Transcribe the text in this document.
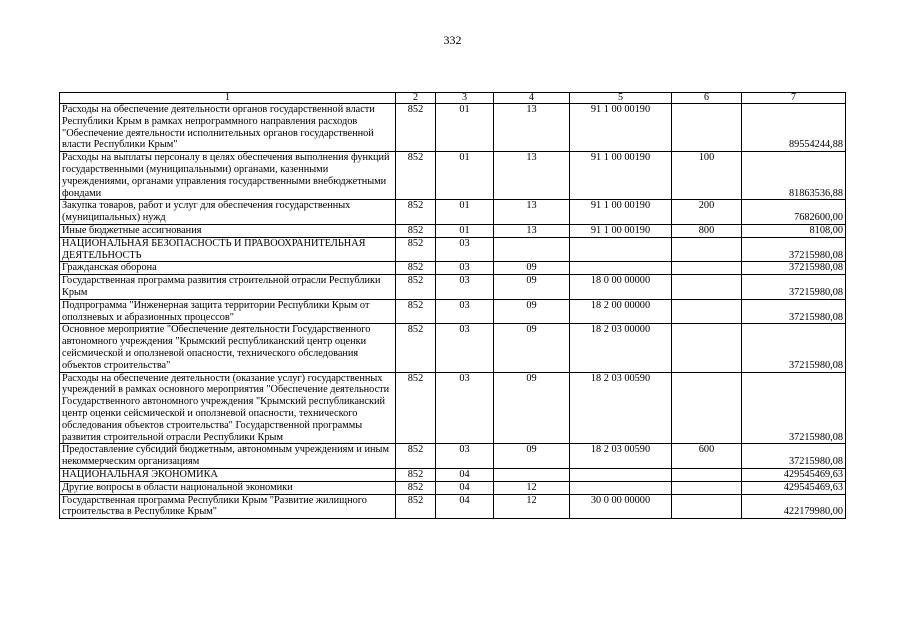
332
1	2	3	4	5	6	7
Расходы на обеспечение деятельности органов государственной власти Республики Крым в рамках непрограммного направления расходов "Обеспечение деятельности исполнительных органов государственной власти Республики Крым"	852	01	13	91 1 00 00190		89554244,88
Расходы на выплаты персоналу в целях обеспечения выполнения функций государственными (муниципальными) органами, казенными учреждениями, органами управления государственными внебюджетными фондами	852	01	13	91 1 00 00190	100	81863536,88
Закупка товаров, работ и услуг для обеспечения государственных (муниципальных) нужд	852	01	13	91 1 00 00190	200	7682600,00
Иные бюджетные ассигнования	852	01	13	91 1 00 00190	800	8108,00
НАЦИОНАЛЬНАЯ БЕЗОПАСНОСТЬ И ПРАВООХРАНИТЕЛЬНАЯ ДЕЯТЕЛЬНОСТЬ	852	03				37215980,08
Гражданская оборона	852	03	09			37215980,08
Государственная программа развития строительной отрасли Республики Крым	852	03	09	18 0 00 00000		37215980,08
Подпрограмма "Инженерная защита территории Республики Крым от оползневых и абразионных процессов"	852	03	09	18 2 00 00000		37215980,08
Основное мероприятие "Обеспечение деятельности Государственного автономного учреждения "Крымский республиканский центр оценки сейсмической и оползневой опасности, технического обследования объектов строительства"	852	03	09	18 2 03 00000		37215980,08
Расходы на обеспечение деятельности (оказание услуг) государственных учреждений в рамках основного мероприятия "Обеспечение деятельности Государственного автономного учреждения "Крымский республиканский центр оценки сейсмической и оползневой опасности, технического обследования объектов строительства" Государственной программы развития строительной отрасли Республики Крым	852	03	09	18 2 03 00590		37215980,08
Предоставление субсидий бюджетным, автономным учреждениям и иным некоммерческим организациям	852	03	09	18 2 03 00590	600	37215980,08
НАЦИОНАЛЬНАЯ ЭКОНОМИКА	852	04				429545469,63
Другие вопросы в области национальной экономики	852	04	12			429545469,63
Государственная программа Республики Крым "Развитие жилищного строительства в Республике Крым"	852	04	12	30 0 00 00000		422179980,00
